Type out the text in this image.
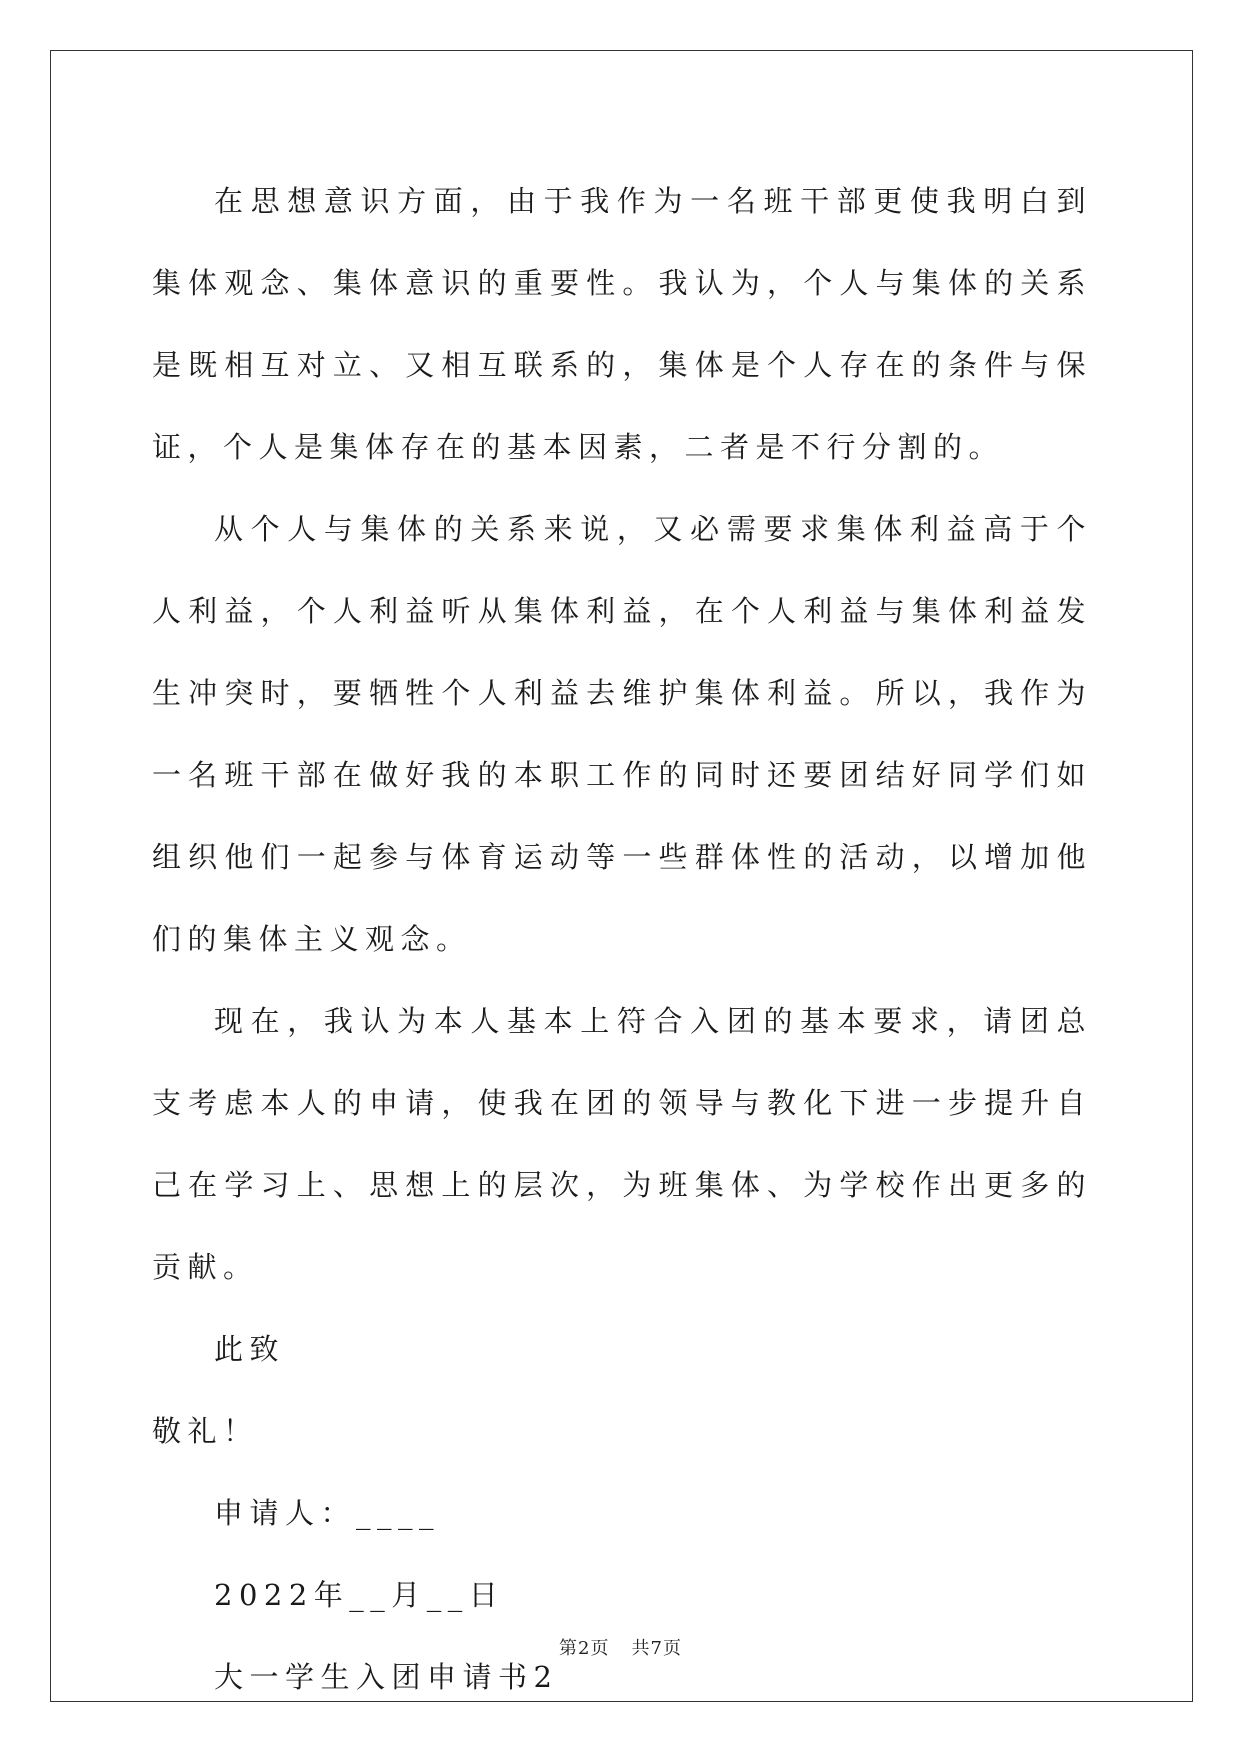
在思想意识方面，由于我作为一名班干部更使我明白到集体观念、集体意识的重要性。我认为，个人与集体的关系是既相互对立、又相互联系的，集体是个人存在的条件与保证，个人是集体存在的基本因素，二者是不行分割的。

从个人与集体的关系来说，又必需要求集体利益高于个人利益，个人利益听从集体利益，在个人利益与集体利益发生冲突时，要牺牲个人利益去维护集体利益。所以，我作为一名班干部在做好我的本职工作的同时还要团结好同学们如组织他们一起参与体育运动等一些群体性的活动，以增加他们的集体主义观念。

现在，我认为本人基本上符合入团的基本要求，请团总支考虑本人的申请，使我在团的领导与教化下进一步提升自己在学习上、思想上的层次，为班集体、为学校作出更多的贡献。

此致
敬礼！
申请人：____
2022年__月__日
大一学生入团申请书2
第2页 共7页
